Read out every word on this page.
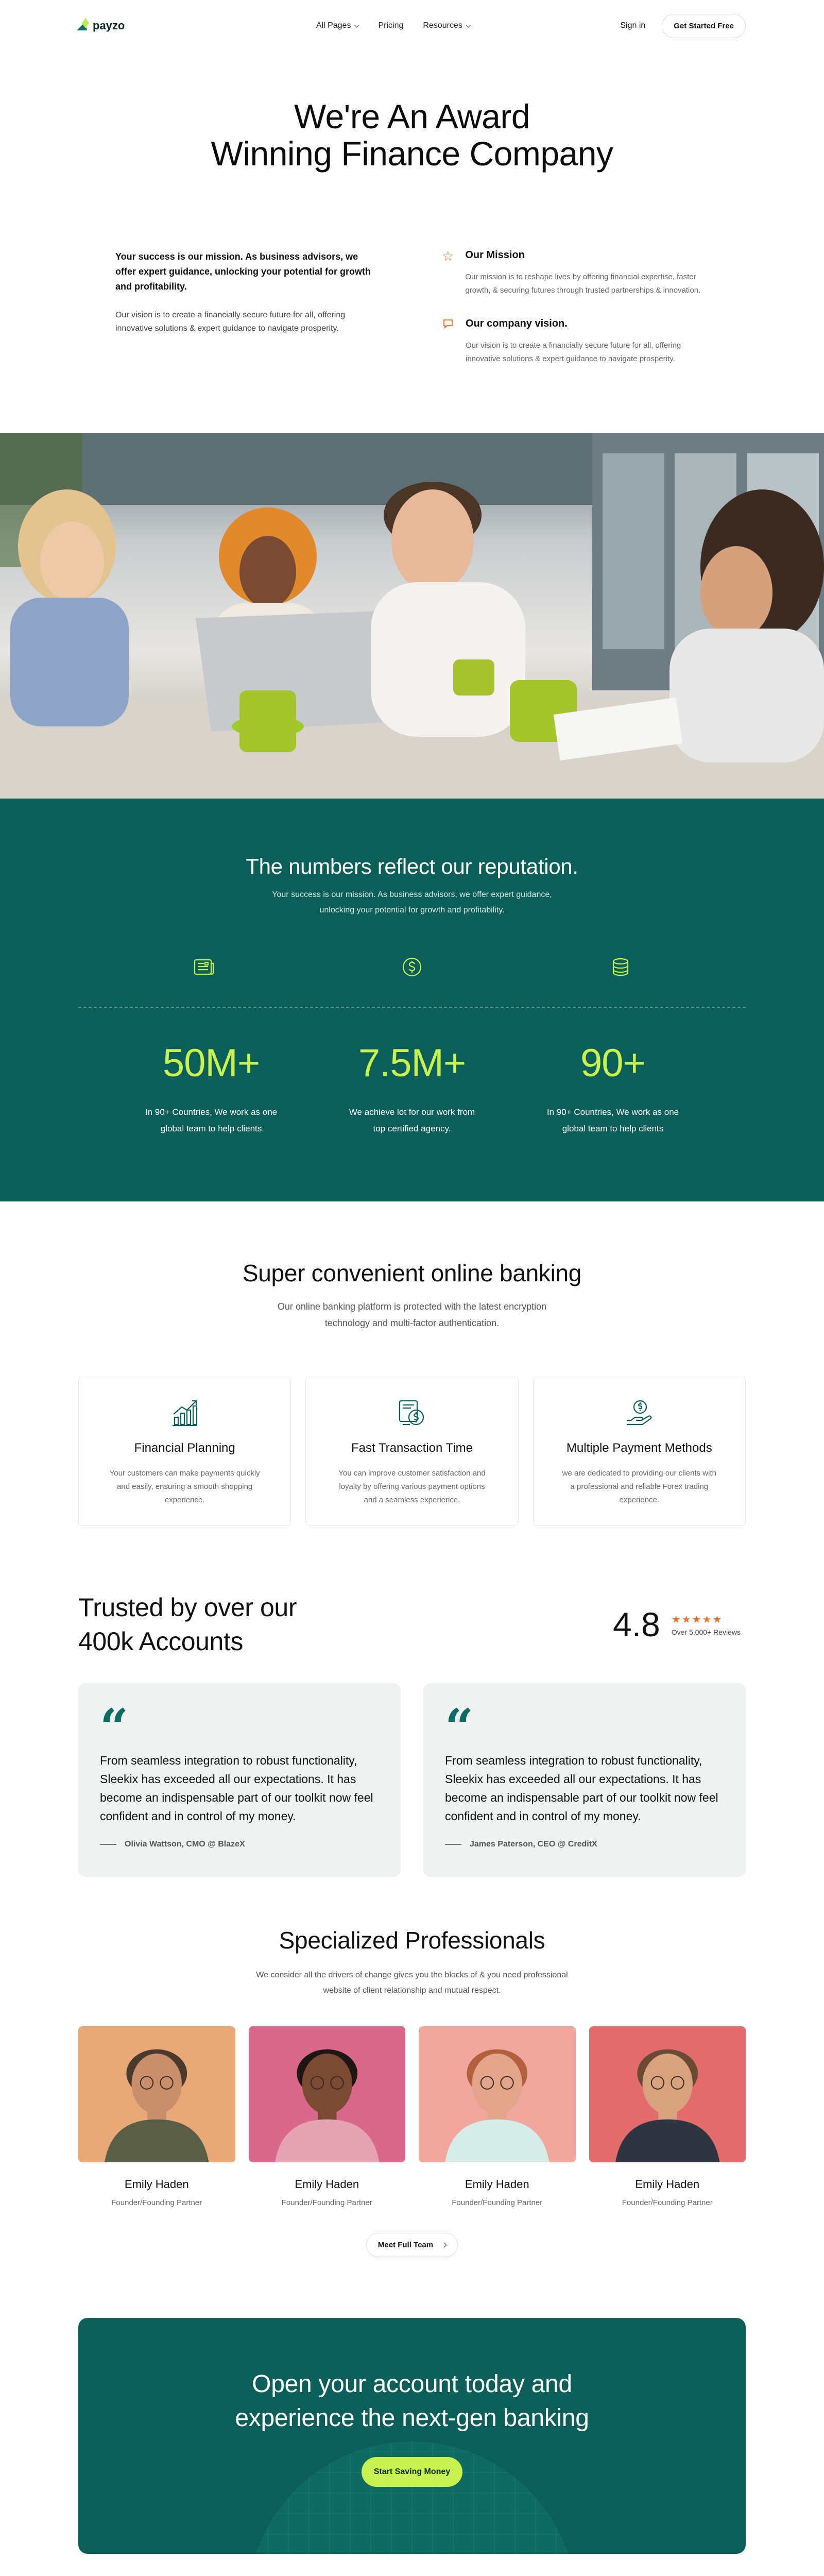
payzo	All Pages	Pricing Resources	Sign in	Get Started Free
We're An Award
Winning Finance Company

Your success is our mission. As business advisors, we offer expert guidance, unlocking your potential for growth and profitability.

Our vision is to create a financially secure future for all, offering innovative solutions & expert guidance to navigate prosperity.

☆ Our Mission

Our mission is to reshape lives by offering financial expertise, faster growth, & securing futures through trusted partnerships & innovation.

Our company vision.

Our vision is to create a financially secure future for all, offering innovative solutions & expert guidance to navigate prosperity.

The numbers reflect our reputation.

Your success is our mission. As business advisors, we offer expert guidance,
unlocking your potential for growth and profitability.

50M+
In 90+ Countries, We work as one
global team to help clients
7.5M+
We achieve lot for our work from
top certified agency.
90+
In 90+ Countries, We work as one
global team to help clients
Super convenient online banking

Our online banking platform is protected with the latest encryption
technology and multi-factor authentication.

Financial Planning

Your customers can make payments quickly and easily, ensuring a smooth shopping experience.

Fast Transaction Time

You can improve customer satisfaction and loyalty by offering various payment options and a seamless experience.

Multiple Payment Methods

we are dedicated to providing our clients with a professional and reliable Forex trading experience.

Trusted by over our
400k Accounts	4.8 ★★★★★
Over 5,000+ Reviews
“

From seamless integration to robust functionality, Sleekix has exceeded all our expectations. It has become an indispensable part of our toolkit now feel confident and in control of my money.

Olivia Wattson, CMO @ BlazeX
“

From seamless integration to robust functionality, Sleekix has exceeded all our expectations. It has become an indispensable part of our toolkit now feel confident and in control of my money.

James Paterson, CEO @ CreditX
Specialized Professionals

We consider all the drivers of change gives you the blocks of & you need professional
website of client relationship and mutual respect.

Emily Haden

Founder/Founding Partner

Emily Haden

Founder/Founding Partner

Emily Haden

Founder/Founding Partner

Emily Haden

Founder/Founding Partner

Meet Full Team
Open your account today and
experience the next-gen banking
Start Saving Money
